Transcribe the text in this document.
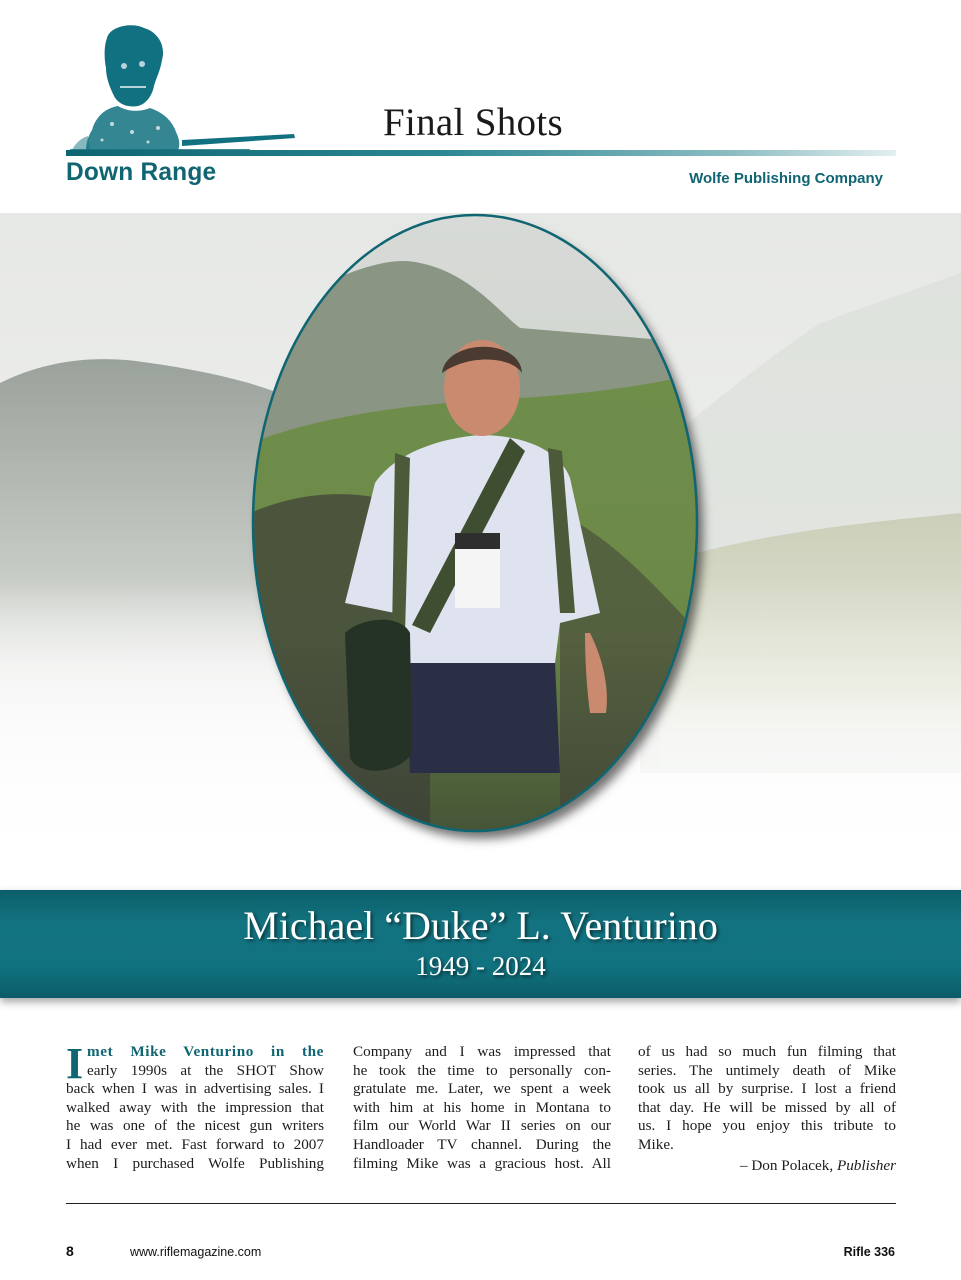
Final Shots
Down Range	Wolfe Publishing Company
Michael “Duke” L. Venturino
1949 - 2024
I met Mike Venturino in the
early 1990s at the SHOT Show
back when I was in advertising sales. I
walked away with the impression that
he was one of the nicest gun writers
I had ever met. Fast forward to 2007
when I purchased Wolfe Publishing
Company and I was impressed that
he took the time to personally con-
gratulate me. Later, we spent a week
with him at his home in Montana to
film our World War II series on our
Handloader TV channel. During the
filming Mike was a gracious host. All
of us had so much fun filming that
series. The untimely death of Mike
took us all by surprise. I lost a friend
that day. He will be missed by all of
us. I hope you enjoy this tribute to
Mike.
– Don Polacek, Publisher
8	www.riflemagazine.com	Rifle 336
